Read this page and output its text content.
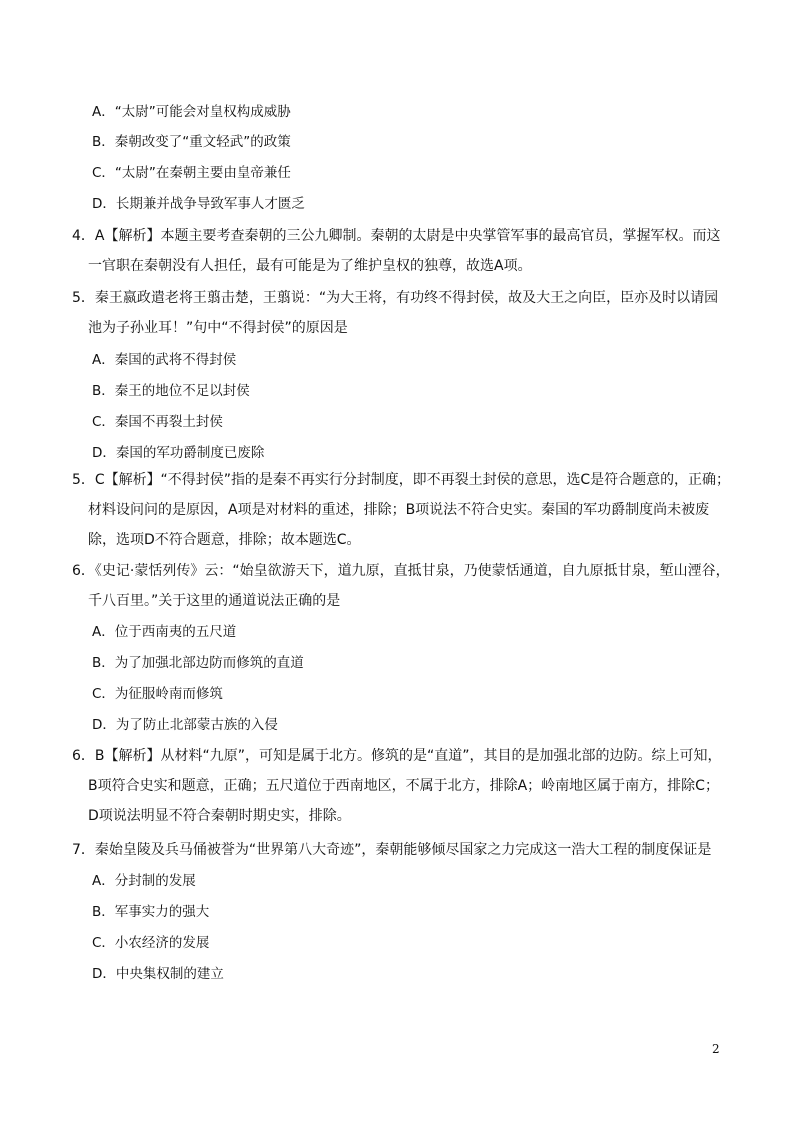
A．“太尉”可能会对皇权构成威胁
B．秦朝改变了“重文轻武”的政策
C．“太尉”在秦朝主要由皇帝兼任
D．长期兼并战争导致军事人才匮乏
4．A【解析】本题主要考查秦朝的三公九卿制。秦朝的太尉是中央掌管军事的最高官员，掌握军权。而这
一官职在秦朝没有人担任，最有可能是为了维护皇权的独尊，故选A项。
5．秦王嬴政遣老将王翦击楚，王翦说：“为大王将，有功终不得封侯，故及大王之向臣，臣亦及时以请园
池为子孙业耳！”句中“不得封侯”的原因是
A．秦国的武将不得封侯
B．秦王的地位不足以封侯
C．秦国不再裂土封侯
D．秦国的军功爵制度已废除
5．C【解析】“不得封侯”指的是秦不再实行分封制度，即不再裂土封侯的意思，选C是符合题意的，正确；
材料设问问的是原因，A项是对材料的重述，排除；B项说法不符合史实。秦国的军功爵制度尚未被废
除，选项D不符合题意，排除；故本题选C。
6．《史记·蒙恬列传》云：“始皇欲游天下，道九原，直抵甘泉，乃使蒙恬通道，自九原抵甘泉，堑山湮谷，
千八百里。”关于这里的通道说法正确的是
A．位于西南夷的五尺道
B．为了加强北部边防而修筑的直道
C．为征服岭南而修筑
D．为了防止北部蒙古族的入侵
6．B【解析】从材料“九原”，可知是属于北方。修筑的是“直道”，其目的是加强北部的边防。综上可知，
B项符合史实和题意，正确；五尺道位于西南地区，不属于北方，排除A；岭南地区属于南方，排除C；
D项说法明显不符合秦朝时期史实，排除。
7．秦始皇陵及兵马俑被誉为“世界第八大奇迹”，秦朝能够倾尽国家之力完成这一浩大工程的制度保证是
A．分封制的发展
B．军事实力的强大
C．小农经济的发展
D．中央集权制的建立
2
